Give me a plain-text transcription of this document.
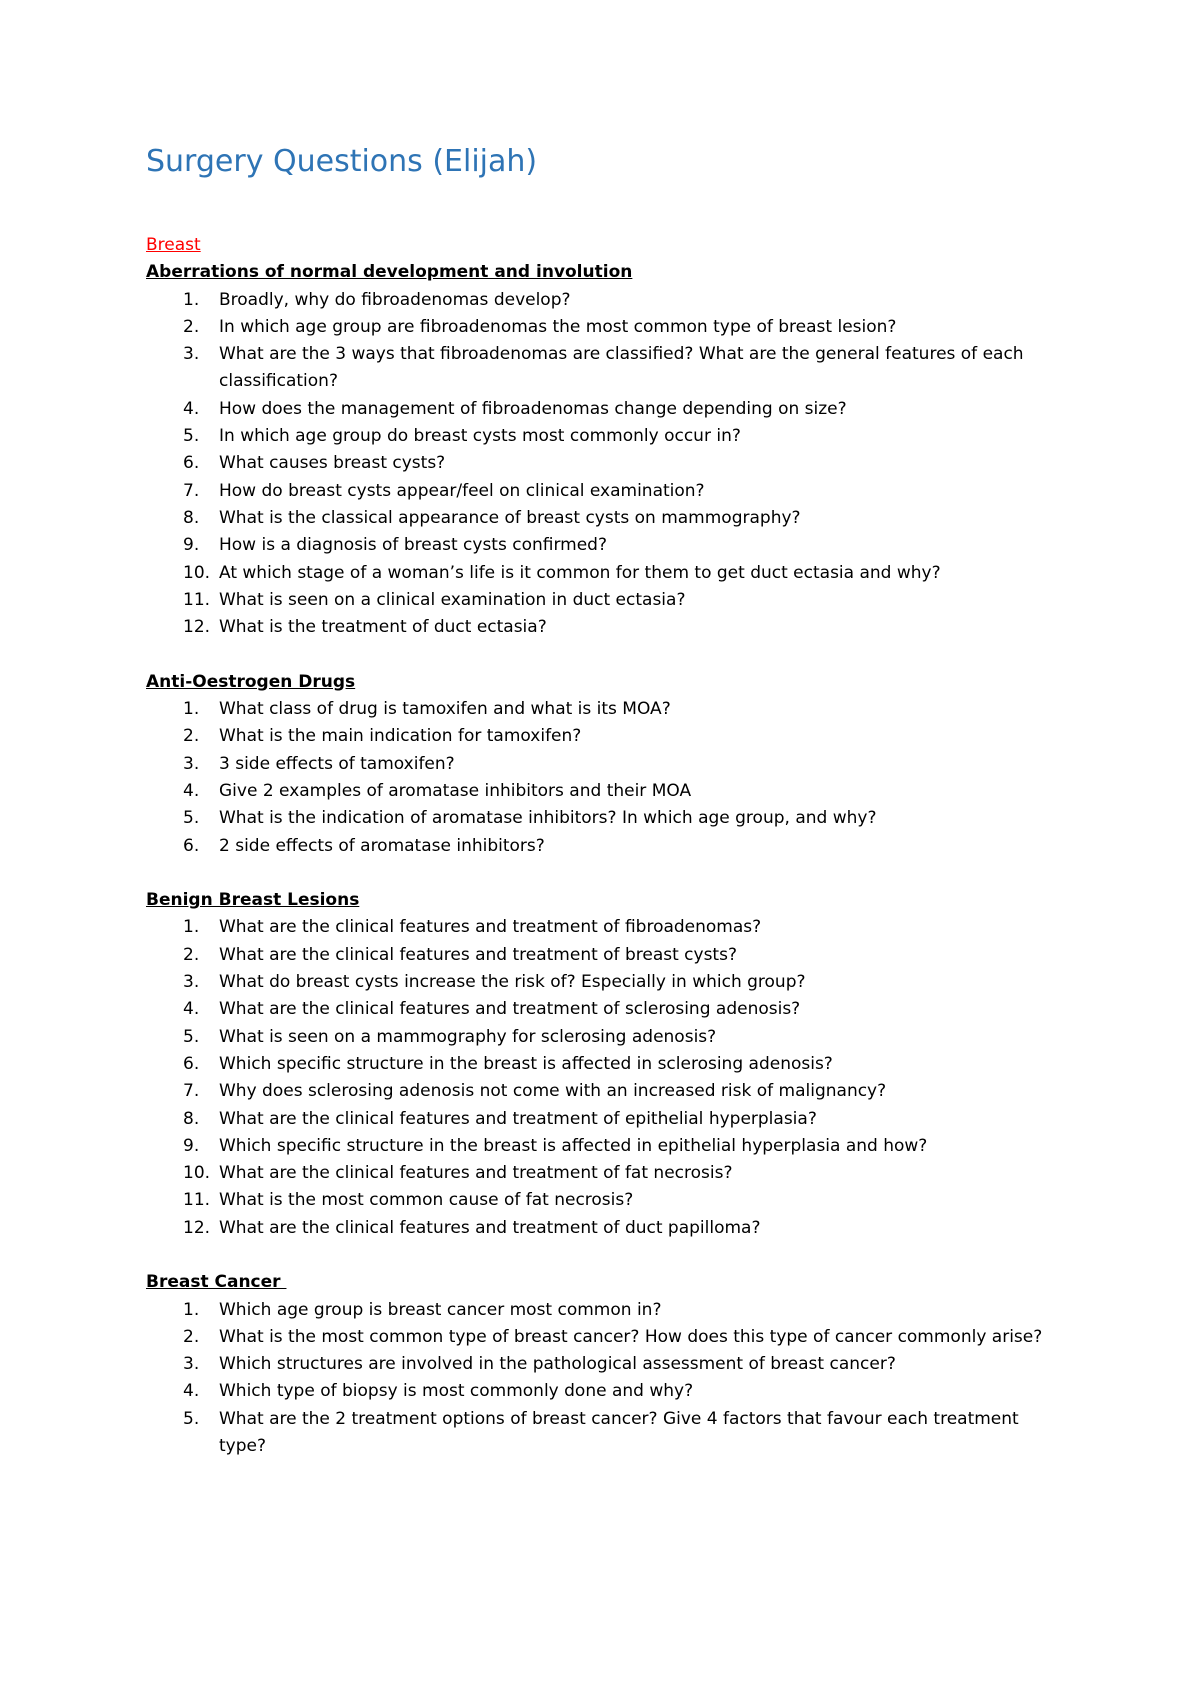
Surgery Questions (Elijah)

Breast

Aberrations of normal development and involution
1. Broadly, why do fibroadenomas develop?
2. In which age group are fibroadenomas the most common type of breast lesion?
3. What are the 3 ways that fibroadenomas are classified? What are the general features of each classification?
4. How does the management of fibroadenomas change depending on size?
5. In which age group do breast cysts most commonly occur in?
6. What causes breast cysts?
7. How do breast cysts appear/feel on clinical examination?
8. What is the classical appearance of breast cysts on mammography?
9. How is a diagnosis of breast cysts confirmed?
10. At which stage of a woman’s life is it common for them to get duct ectasia and why?
11. What is seen on a clinical examination in duct ectasia?
12. What is the treatment of duct ectasia?
Anti-Oestrogen Drugs
1. What class of drug is tamoxifen and what is its MOA?
2. What is the main indication for tamoxifen?
3. 3 side effects of tamoxifen?
4. Give 2 examples of aromatase inhibitors and their MOA
5. What is the indication of aromatase inhibitors? In which age group, and why?
6. 2 side effects of aromatase inhibitors?
Benign Breast Lesions
1. What are the clinical features and treatment of fibroadenomas?
2. What are the clinical features and treatment of breast cysts?
3. What do breast cysts increase the risk of? Especially in which group?
4. What are the clinical features and treatment of sclerosing adenosis?
5. What is seen on a mammography for sclerosing adenosis?
6. Which specific structure in the breast is affected in sclerosing adenosis?
7. Why does sclerosing adenosis not come with an increased risk of malignancy?
8. What are the clinical features and treatment of epithelial hyperplasia?
9. Which specific structure in the breast is affected in epithelial hyperplasia and how?
10. What are the clinical features and treatment of fat necrosis?
11. What is the most common cause of fat necrosis?
12. What are the clinical features and treatment of duct papilloma?
Breast Cancer
1. Which age group is breast cancer most common in?
2. What is the most common type of breast cancer? How does this type of cancer commonly arise?
3. Which structures are involved in the pathological assessment of breast cancer?
4. Which type of biopsy is most commonly done and why?
5. What are the 2 treatment options of breast cancer? Give 4 factors that favour each treatment type?
